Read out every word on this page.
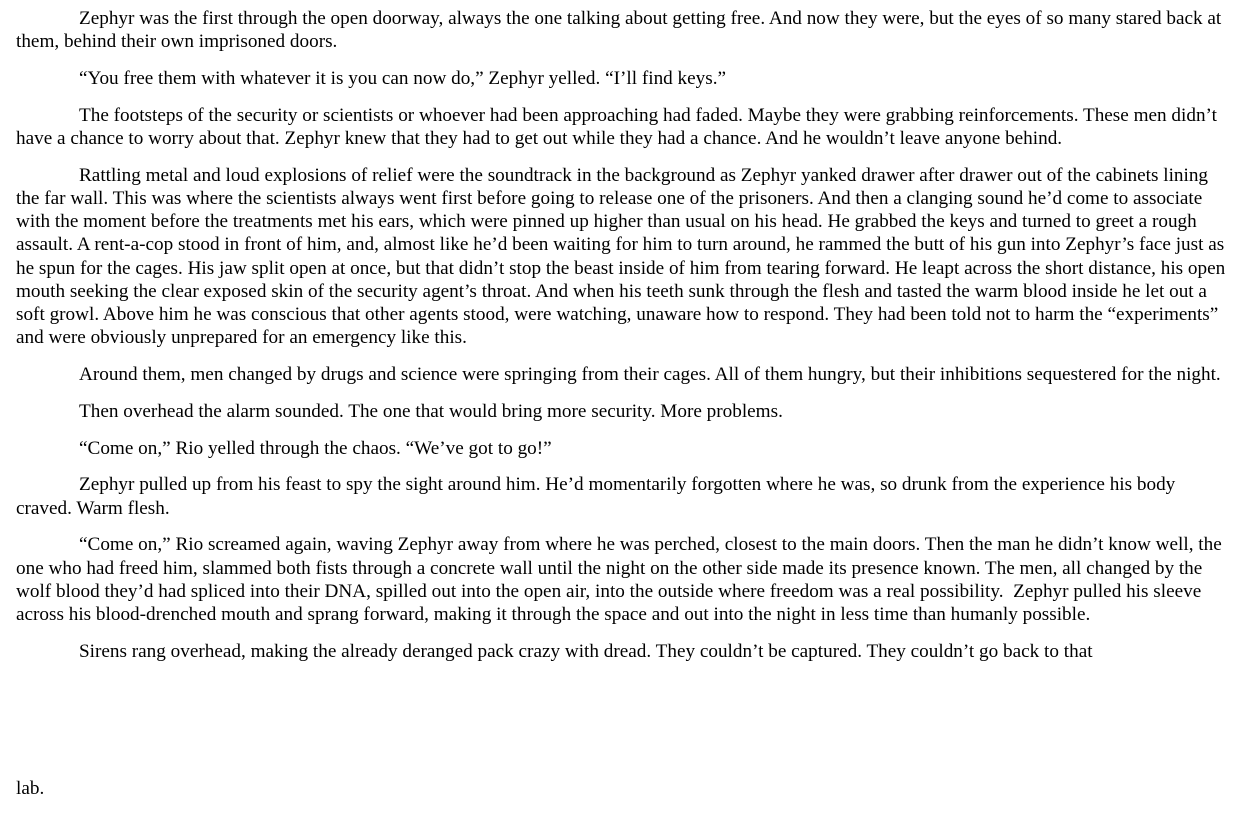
Zephyr was the first through the open doorway, always the one talking about getting free. And now they were, but the eyes of so many stared back at them, behind their own imprisoned doors.

“You free them with whatever it is you can now do,” Zephyr yelled. “I’ll find keys.”

The footsteps of the security or scientists or whoever had been approaching had faded. Maybe they were grabbing reinforcements. These men didn’t have a chance to worry about that. Zephyr knew that they had to get out while they had a chance. And he wouldn’t leave anyone behind.

Rattling metal and loud explosions of relief were the soundtrack in the background as Zephyr yanked drawer after drawer out of the cabinets lining the far wall. This was where the scientists always went first before going to release one of the prisoners. And then a clanging sound he’d come to associate with the moment before the treatments met his ears, which were pinned up higher than usual on his head. He grabbed the keys and turned to greet a rough assault. A rent-a-cop stood in front of him, and, almost like he’d been waiting for him to turn around, he rammed the butt of his gun into Zephyr’s face just as he spun for the cages. His jaw split open at once, but that didn’t stop the beast inside of him from tearing forward. He leapt across the short distance, his open mouth seeking the clear exposed skin of the security agent’s throat. And when his teeth sunk through the flesh and tasted the warm blood inside he let out a soft growl. Above him he was conscious that other agents stood, were watching, unaware how to respond. They had been told not to harm the “experiments” and were obviously unprepared for an emergency like this.

Around them, men changed by drugs and science were springing from their cages. All of them hungry, but their inhibitions sequestered for the night.

Then overhead the alarm sounded. The one that would bring more security. More problems.

“Come on,” Rio yelled through the chaos. “We’ve got to go!”

Zephyr pulled up from his feast to spy the sight around him. He’d momentarily forgotten where he was, so drunk from the experience his body craved. Warm flesh.

“Come on,” Rio screamed again, waving Zephyr away from where he was perched, closest to the main doors. Then the man he didn’t know well, the one who had freed him, slammed both fists through a concrete wall until the night on the other side made its presence known. The men, all changed by the wolf blood they’d had spliced into their DNA, spilled out into the open air, into the outside where freedom was a real possibility.  Zephyr pulled his sleeve across his blood-drenched mouth and sprang forward, making it through the space and out into the night in less time than humanly possible.

Sirens rang overhead, making the already deranged pack crazy with dread. They couldn’t be captured. They couldn’t go back to that

lab.
